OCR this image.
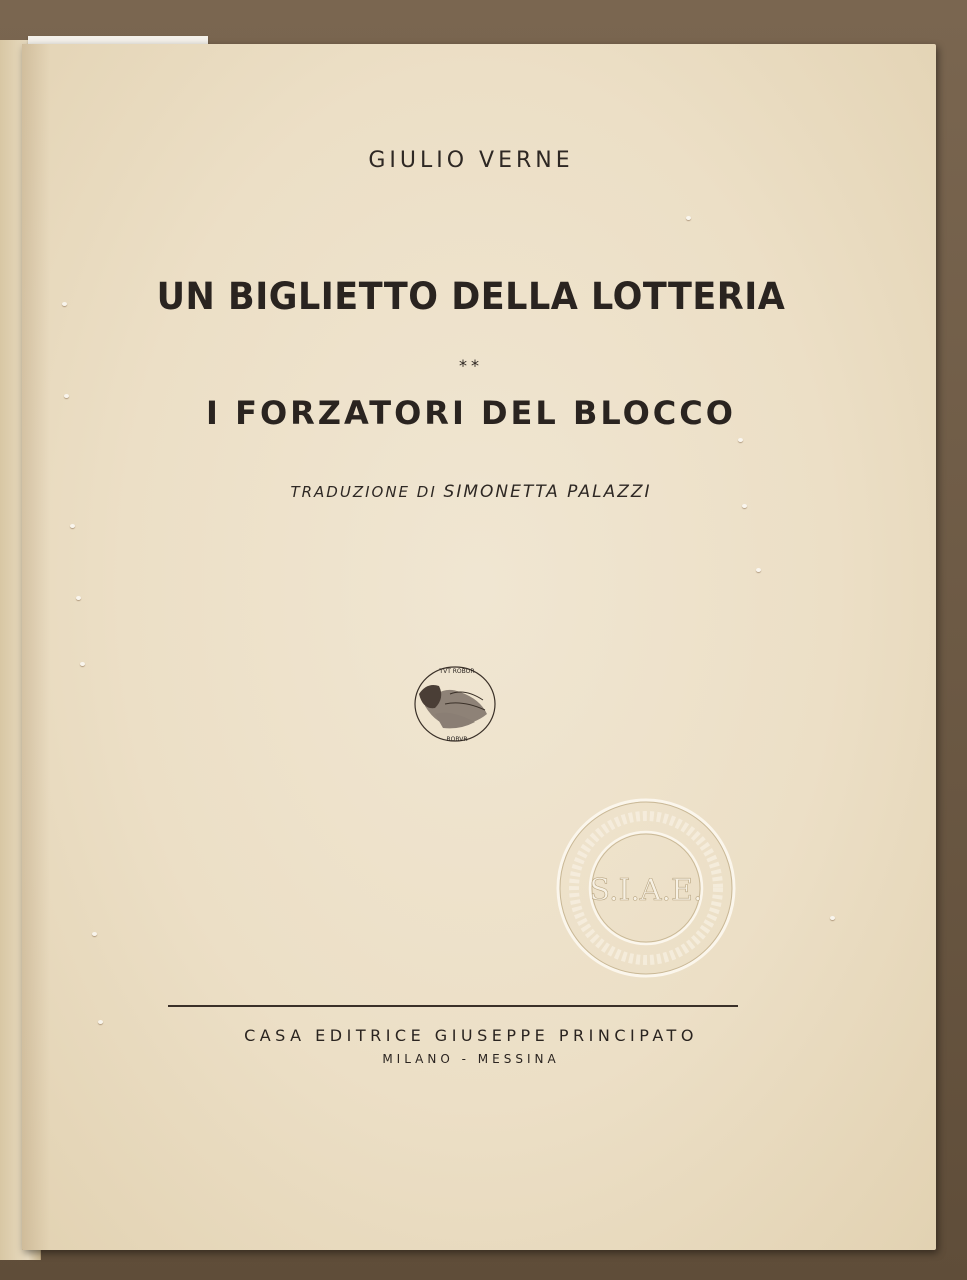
GIULIO VERNE
UN BIGLIETTO DELLA LOTTERIA
**
I FORZATORI DEL BLOCCO
TRADUZIONE DI SIMONETTA PALAZZI
TVT ROBOR
ROBVR
S.I.A.E.
CASA EDITRICE GIUSEPPE PRINCIPATO
MILANO - MESSINA
